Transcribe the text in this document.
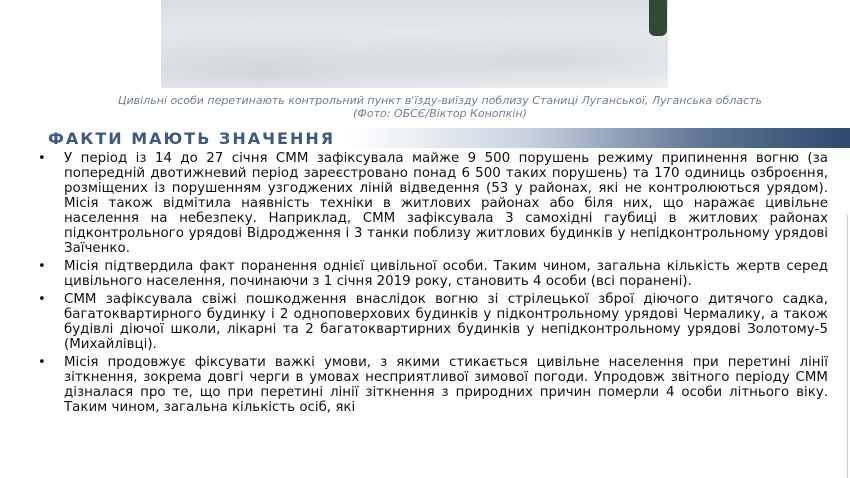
Цивільні особи перетинають контрольний пункт в'їзду-виїзду поблизу Станиці Луганської, Луганська область
(Фото: ОБСЄ/Віктор Конопкін)
ФАКТИ МАЮТЬ ЗНАЧЕННЯ
• У період із 14 до 27 січня СММ зафіксувала майже 9 500 порушень режиму припинення вогню (за попередній двотижневий період зареєстровано понад 6 500 таких порушень) та 170 одиниць озброєння, розміщених із порушенням узгоджених ліній відведення (53 у районах, які не контролюються урядом). Місія також відмітила наявність техніки в житлових районах або біля них, що наражає цивільне населення на небезпеку. Наприклад, СММ зафіксувала 3 самохідні гаубиці в житлових районах підконтрольного урядові Відродження і 3 танки поблизу житлових будинків у непідконтрольному урядові Заїченко.
• Місія підтвердила факт поранення однієї цивільної особи. Таким чином, загальна кількість жертв серед цивільного населення, починаючи з 1 січня 2019 року, становить 4 особи (всі поранені).
• СММ зафіксувала свіжі пошкодження внаслідок вогню зі стрілецької зброї діючого дитячого садка, багатоквартирного будинку і 2 одноповерхових будинків у підконтрольному урядові Чермалику, а також будівлі діючої школи, лікарні та 2 багатоквартирних будинків у непідконтрольному урядові Золотому-5 (Михайлівці).
• Місія продовжує фіксувати важкі умови, з якими стикається цивільне населення при перетині лінії зіткнення, зокрема довгі черги в умовах несприятливої зимової погоди. Упродовж звітного періоду СММ дізналася про те, що при перетині лінії зіткнення з природних причин померли 4 особи літнього віку. Таким чином, загальна кількість осіб, які
